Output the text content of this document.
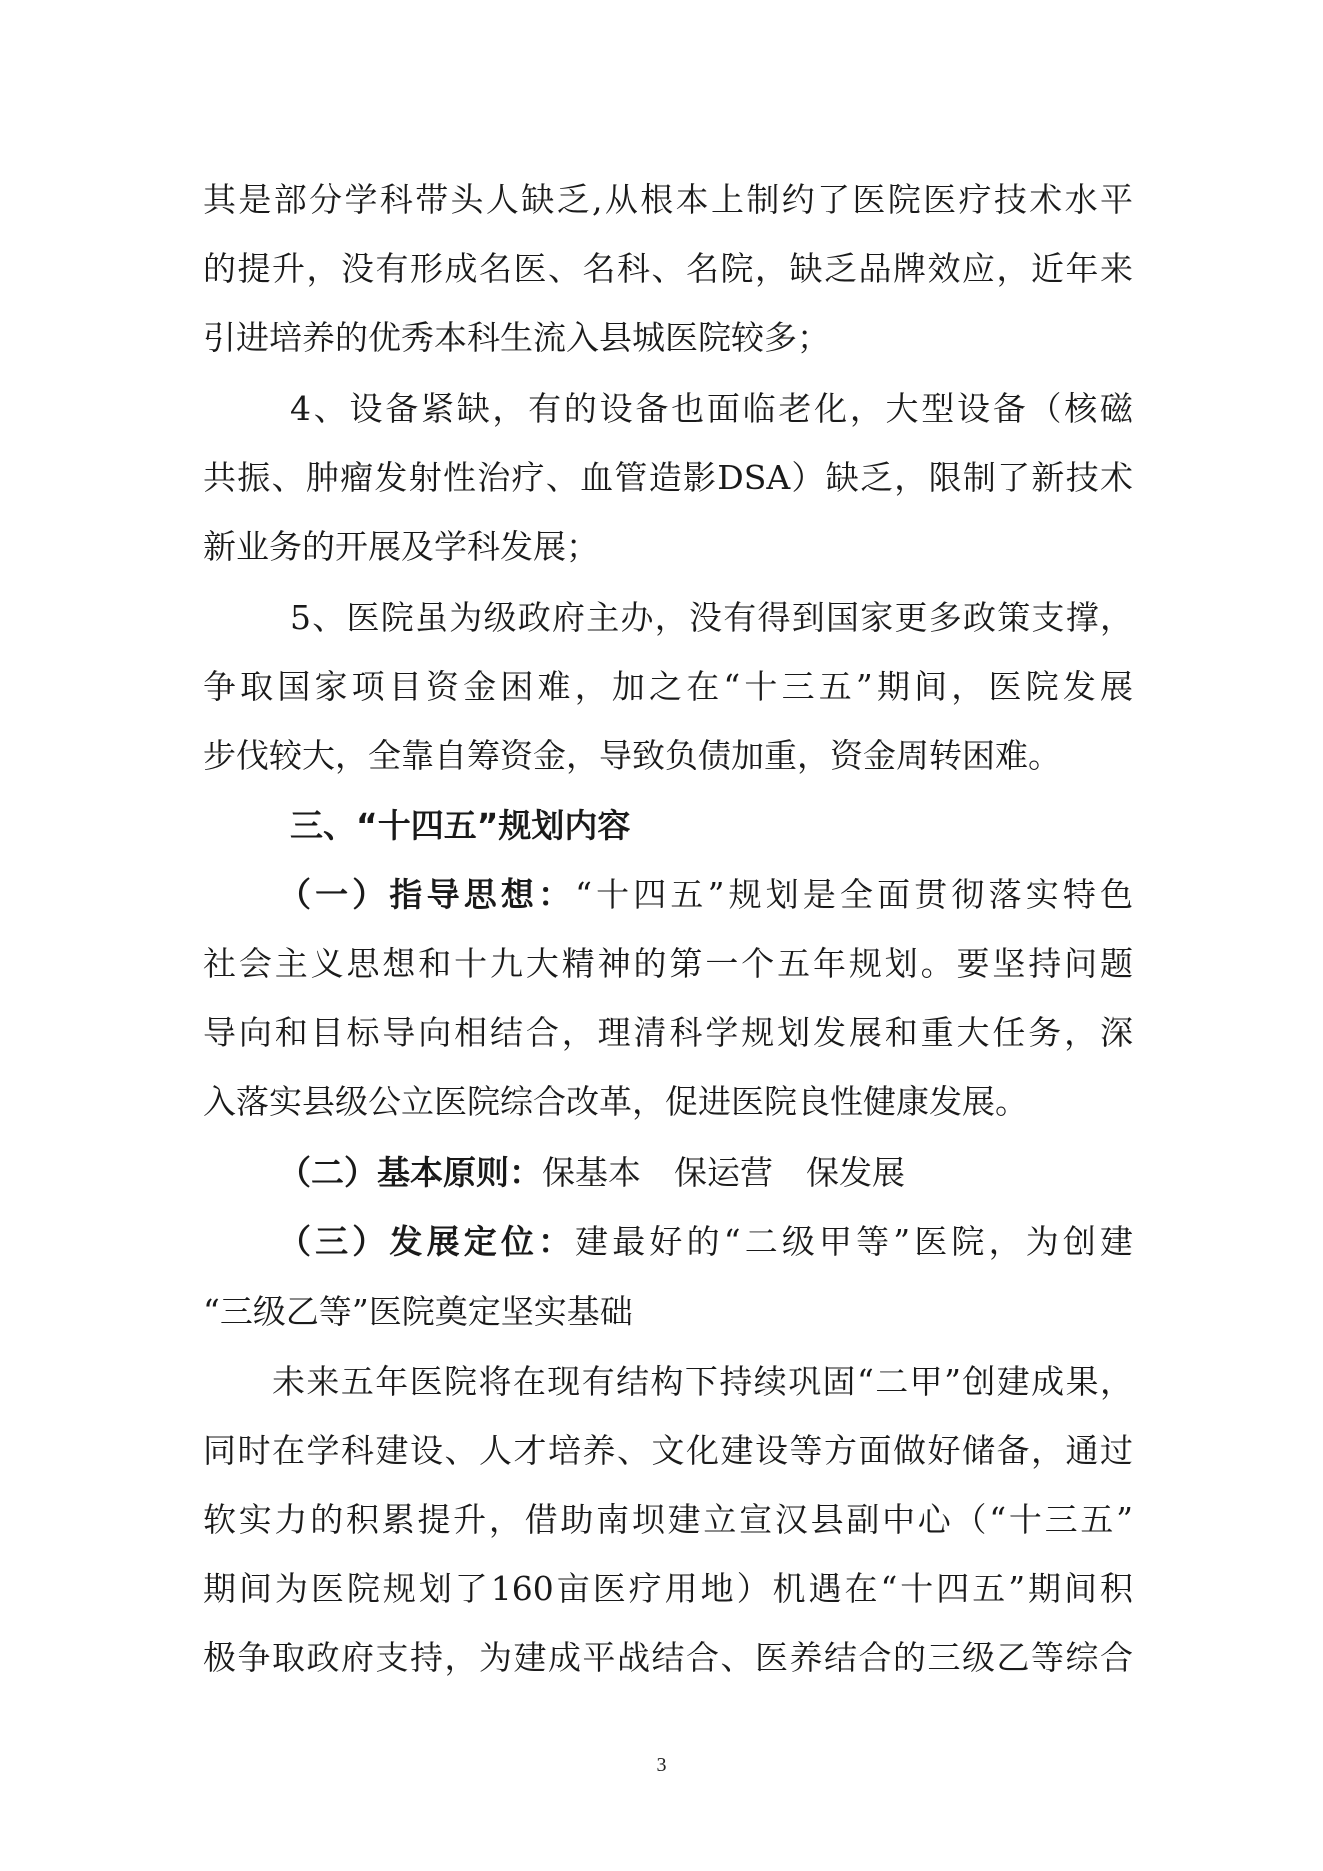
其是部分学科带头人缺乏,从根本上制约了医院医疗技术水平
的提升，没有形成名医、名科、名院，缺乏品牌效应，近年来
引进培养的优秀本科生流入县城医院较多；
4、设备紧缺，有的设备也面临老化，大型设备（核磁
共振、肿瘤发射性治疗、血管造影DSA）缺乏，限制了新技术
新业务的开展及学科发展；
5、医院虽为级政府主办，没有得到国家更多政策支撑，
争取国家项目资金困难，加之在“十三五”期间，医院发展
步伐较大，全靠自筹资金，导致负债加重，资金周转困难。
三、“十四五”规划内容
（一）指导思想：“十四五”规划是全面贯彻落实特色
社会主义思想和十九大精神的第一个五年规划。要坚持问题
导向和目标导向相结合，理清科学规划发展和重大任务，深
入落实县级公立医院综合改革，促进医院良性健康发展。
（二）基本原则：保基本　保运营　保发展
（三）发展定位：建最好的“二级甲等”医院，为创建
“三级乙等”医院奠定坚实基础
未来五年医院将在现有结构下持续巩固“二甲”创建成果，
同时在学科建设、人才培养、文化建设等方面做好储备，通过
软实力的积累提升，借助南坝建立宣汉县副中心（“十三五”
期间为医院规划了160亩医疗用地）机遇在“十四五”期间积
极争取政府支持，为建成平战结合、医养结合的三级乙等综合
3
